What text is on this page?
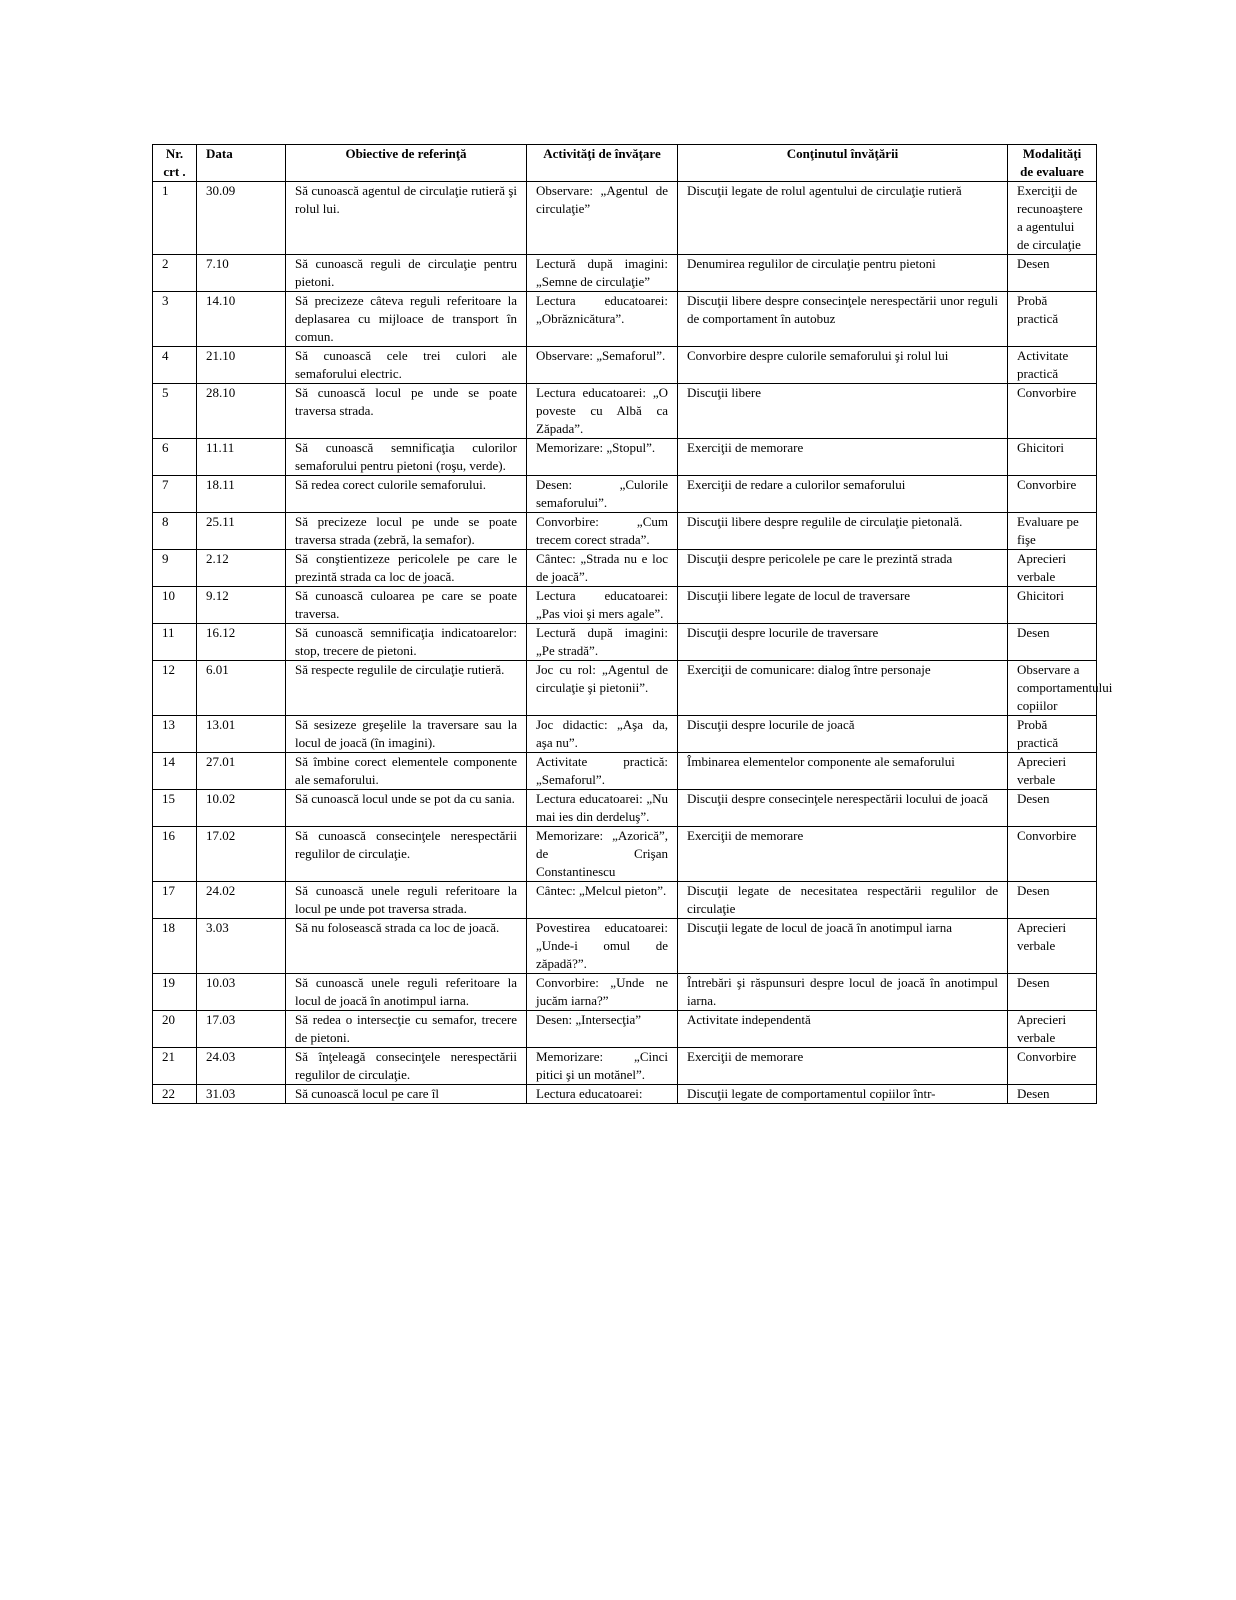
Nr. crt .	Data	Obiective de referinţă	Activităţi de învăţare	Conţinutul învăţării	Modalităţi de evaluare
1	30.09	Să cunoască agentul de circulaţie rutieră şi rolul lui.	Observare: „Agentul de circulaţie”	Discuţii legate de rolul agentului de circulaţie rutieră	Exerciţii de recunoaştere a agentului de circulaţie
2	7.10	Să cunoască reguli de circulaţie pentru pietoni.	Lectură după imagini: „Semne de circulaţie”	Denumirea regulilor de circulaţie pentru pietoni	Desen
3	14.10	Să precizeze câteva reguli referitoare la deplasarea cu mijloace de transport în comun.	Lectura educatoarei: „Obrăznicătura”.	Discuţii libere despre consecinţele nerespectării unor reguli de comportament în autobuz	Probă practică
4	21.10	Să cunoască cele trei culori ale semaforului electric.	Observare: „Semaforul”.	Convorbire despre culorile semaforului şi rolul lui	Activitate practică
5	28.10	Să cunoască locul pe unde se poate traversa strada.	Lectura educatoarei: „O poveste cu Albă ca Zăpada”.	Discuţii libere	Convorbire
6	11.11	Să cunoască semnificaţia culorilor semaforului pentru pietoni (roşu, verde).	Memorizare: „Stopul”.	Exerciţii de memorare	Ghicitori
7	18.11	Să redea corect culorile semaforului.	Desen: „Culorile semaforului”.	Exerciţii de redare a culorilor semaforului	Convorbire
8	25.11	Să precizeze locul pe unde se poate traversa strada (zebră, la semafor).	Convorbire: „Cum trecem corect strada”.	Discuţii libere despre regulile de circulaţie pietonală.	Evaluare pe fişe
9	2.12	Să conştientizeze pericolele pe care le prezintă strada ca loc de joacă.	Cântec: „Strada nu e loc de joacă”.	Discuţii despre pericolele pe care le prezintă strada	Aprecieri verbale
10	9.12	Să cunoască culoarea pe care se poate traversa.	Lectura educatoarei: „Pas vioi şi mers agale”.	Discuţii libere legate de locul de traversare	Ghicitori
11	16.12	Să cunoască semnificaţia indicatoarelor: stop, trecere de pietoni.	Lectură după imagini: „Pe stradă”.	Discuţii despre locurile de traversare	Desen
12	6.01	Să respecte regulile de circulaţie rutieră.	Joc cu rol: „Agentul de circulaţie şi pietonii”.	Exerciţii de comunicare: dialog între personaje	Observare a comportamentului copiilor
13	13.01	Să sesizeze greşelile la traversare sau la locul de joacă (în imagini).	Joc didactic: „Aşa da, aşa nu”.	Discuţii despre locurile de joacă	Probă practică
14	27.01	Să îmbine corect elementele componente ale semaforului.	Activitate practică: „Semaforul”.	Îmbinarea elementelor componente ale semaforului	Aprecieri verbale
15	10.02	Să cunoască locul unde se pot da cu sania.	Lectura educatoarei: „Nu mai ies din derdeluş”.	Discuţii despre consecinţele nerespectării locului de joacă	Desen
16	17.02	Să cunoască consecinţele nerespectării regulilor de circulaţie.	Memorizare: „Azorică”, de Crişan Constantinescu	Exerciţii de memorare	Convorbire
17	24.02	Să cunoască unele reguli referitoare la locul pe unde pot traversa strada.	Cântec: „Melcul pieton”.	Discuţii legate de necesitatea respectării regulilor de circulaţie	Desen
18	3.03	Să nu folosească strada ca loc de joacă.	Povestirea educatoarei: „Unde-i omul de zăpadă?”.	Discuţii legate de locul de joacă în anotimpul iarna	Aprecieri verbale
19	10.03	Să cunoască unele reguli referitoare la locul de joacă în anotimpul iarna.	Convorbire: „Unde ne jucăm iarna?”	Întrebări şi răspunsuri despre locul de joacă în anotimpul iarna.	Desen
20	17.03	Să redea o intersecţie cu semafor, trecere de pietoni.	Desen: „Intersecţia”	Activitate independentă	Aprecieri verbale
21	24.03	Să înţeleagă consecinţele nerespectării regulilor de circulaţie.	Memorizare: „Cinci pitici şi un motănel”.	Exerciţii de memorare	Convorbire
22	31.03	Să cunoască locul pe care îl	Lectura educatoarei:	Discuţii legate de comportamentul copiilor într-	Desen
